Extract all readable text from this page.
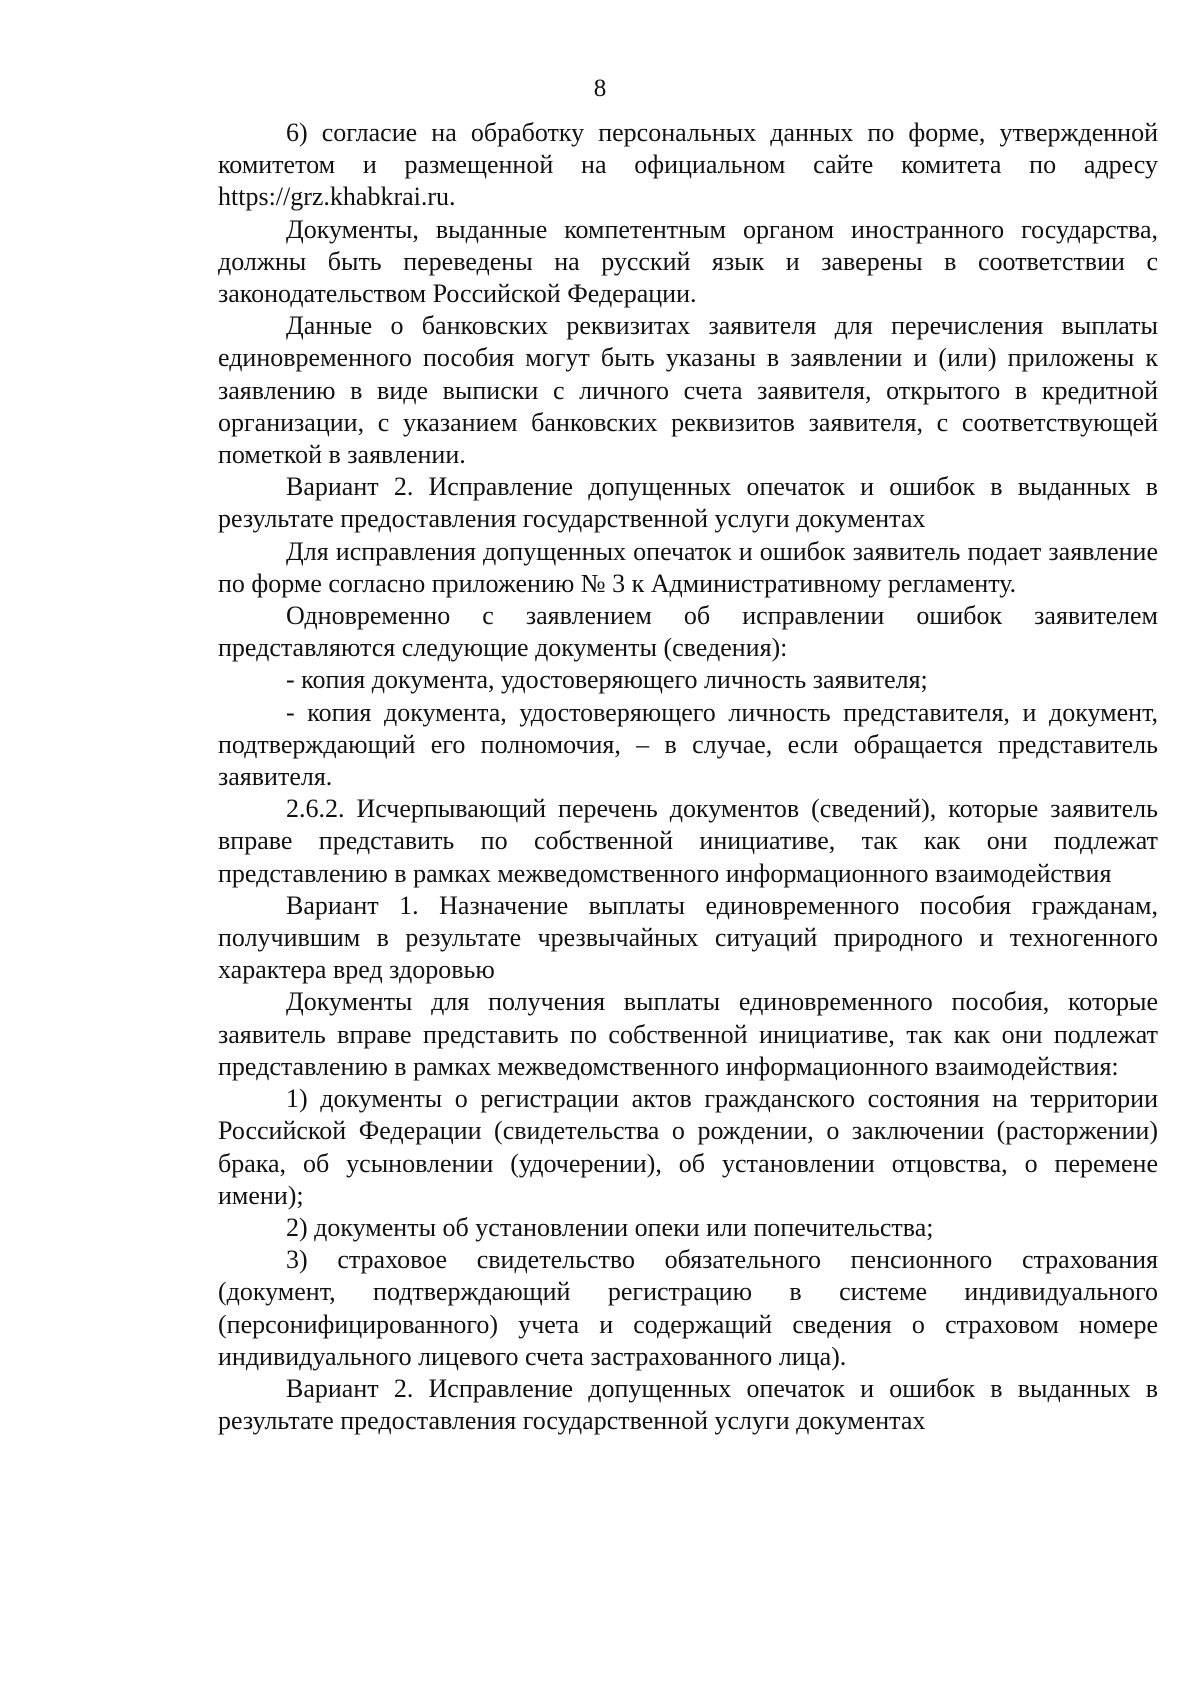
8

6) согласие на обработку персональных данных по форме, утвержденной комитетом и размещенной на официальном сайте комитета по адресу https://grz.khabkrai.ru.

Документы, выданные компетентным органом иностранного государства, должны быть переведены на русский язык и заверены в соответствии с законодательством Российской Федерации.

Данные о банковских реквизитах заявителя для перечисления выплаты единовременного пособия могут быть указаны в заявлении и (или) приложены к заявлению в виде выписки с личного счета заявителя, открытого в кредитной организации, с указанием банковских реквизитов заявителя, с соответствующей пометкой в заявлении.

Вариант 2. Исправление допущенных опечаток и ошибок в выданных в результате предоставления государственной услуги документах

Для исправления допущенных опечаток и ошибок заявитель подает заявление по форме согласно приложению № 3 к Административному регламенту.

Одновременно с заявлением об исправлении ошибок заявителем представляются следующие документы (сведения):

- копия документа, удостоверяющего личность заявителя;

- копия документа, удостоверяющего личность представителя, и документ, подтверждающий его полномочия, – в случае, если обращается представитель заявителя.

2.6.2. Исчерпывающий перечень документов (сведений), которые заявитель вправе представить по собственной инициативе, так как они подлежат представлению в рамках межведомственного информационного взаимодействия

Вариант 1. Назначение выплаты единовременного пособия гражданам, получившим в результате чрезвычайных ситуаций природного и техногенного характера вред здоровью

Документы для получения выплаты единовременного пособия, которые заявитель вправе представить по собственной инициативе, так как они подлежат представлению в рамках межведомственного информационного взаимодействия:

1) документы о регистрации актов гражданского состояния на территории Российской Федерации (свидетельства о рождении, о заключении (расторжении) брака, об усыновлении (удочерении), об установлении отцовства, о перемене имени);

2) документы об установлении опеки или попечительства;

3) страховое свидетельство обязательного пенсионного страхования (документ, подтверждающий регистрацию в системе индивидуального (персонифицированного) учета и содержащий сведения о страховом номере индивидуального лицевого счета застрахованного лица).

Вариант 2. Исправление допущенных опечаток и ошибок в выданных в результате предоставления государственной услуги документах
